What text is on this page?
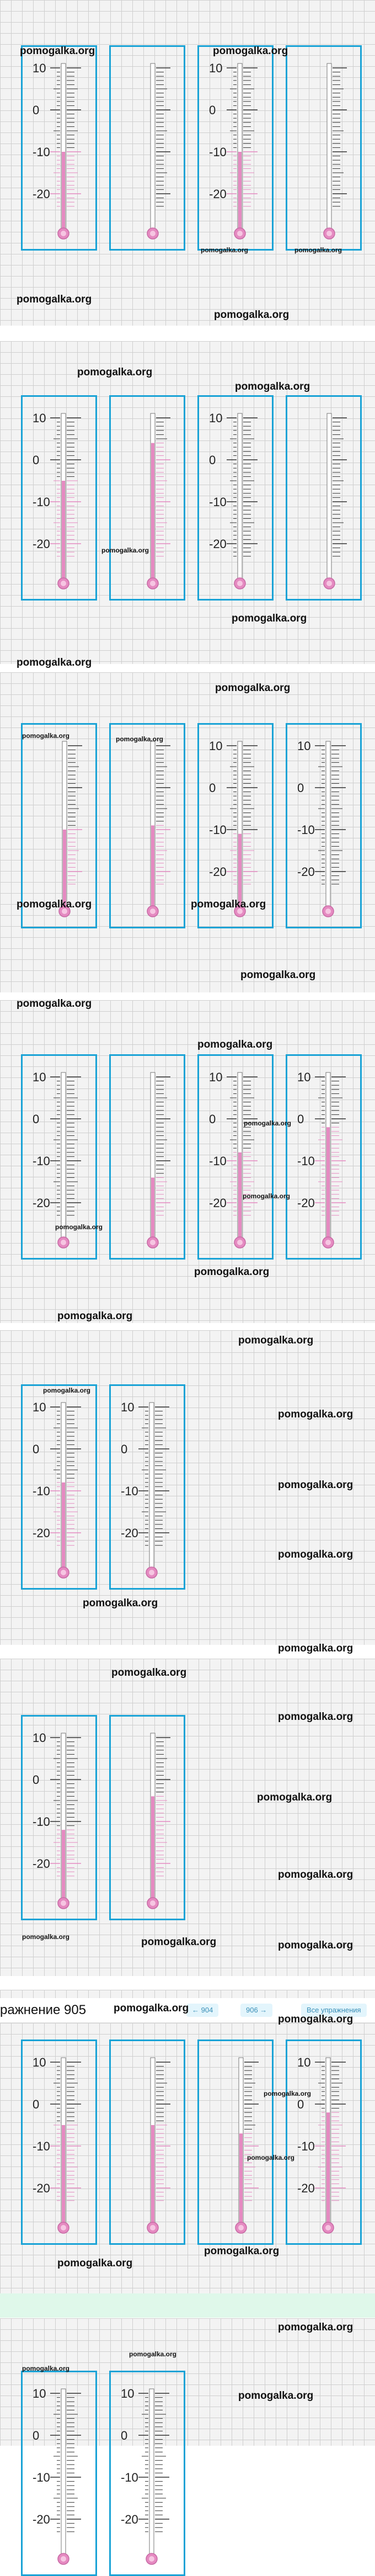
ражнение 905	← 904	906 →	Все упражнения
10
0
-10
-20
10
0
-10
-20
10
0
-10
-20
10
0
-10
-20
10
0
-10
-20
10
0
-10
-20
10
0
-10
-20
10
0
-10
-20
10
0
-10
-20
10
0
-10
-20
10
0
-10
-20
10
0
-10
-20
10
0
-10
-20
10
0
-10
-20
10
0
-10
-20
10
0
-10
-20
pomogalka.org	pomogalka.org
pomogalka.org	pomogalka.org
pomogalka.org
pomogalka.org
pomogalka.org
pomogalka.org
pomogalka.org
pomogalka.org
pomogalka.org
pomogalka.org
pomogalka.org	pomogalka.org
pomogalka.org	pomogalka.org
pomogalka.org
pomogalka.org
pomogalka.org
pomogalka.org
pomogalka.org
pomogalka.org
pomogalka.org
pomogalka.org
pomogalka.org
pomogalka.org
pomogalka.org
pomogalka.org
pomogalka.org
pomogalka.org
pomogalka.org
pomogalka.org
pomogalka.org
pomogalka.org
pomogalka.org
pomogalka.org	pomogalka.org	pomogalka.org
pomogalka.org
pomogalka.org
pomogalka.org
pomogalka.org
pomogalka.org
pomogalka.org
pomogalka.org
pomogalka.org
pomogalka.org
pomogalka.org
